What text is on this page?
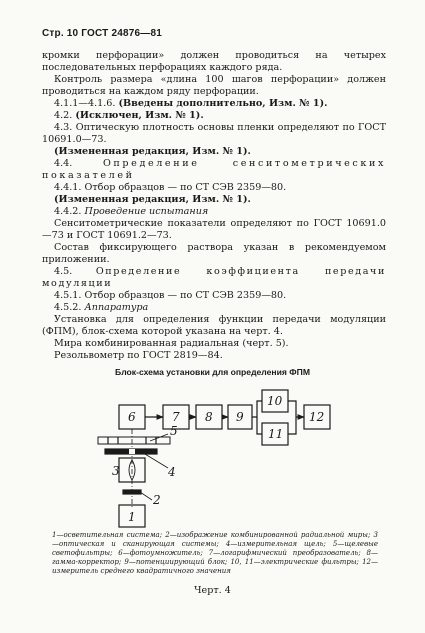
Стр. 10 ГОСТ 24876—81

кромки перфорации» должен проводиться на четырех последовательных перфорациях каждого ряда.

Контроль размера «длина 100 шагов перфорации» должен проводиться на каждом ряду перфорации.

4.1.1—4.1.6. (Введены дополнительно, Изм. № 1).

4.2. (Исключен, Изм. № 1).

4.3. Оптическую плотность основы пленки определяют по ГОСТ 10691.0—73.

(Измененная редакция, Изм. № 1).

4.4. Определение сенситометрических показателей

4.4.1. Отбор образцов — по СТ СЭВ 2359—80.

(Измененная редакция, Изм. № 1).

4.4.2. Проведение испытания

Сенситометрические показатели определяют по ГОСТ 10691.0—73 и ГОСТ 10691.2—73.

Состав фиксирующего раствора указан в рекомендуемом приложении.

4.5. Определение коэффициента передачи модуляции

4.5.1. Отбор образцов — по СТ СЭВ 2359—80.

4.5.2. Аппаратура

Установка для определения функции передачи модуляции (ФПМ), блок-схема которой указана на черт. 4.

Мира комбинированная радиальная (черт. 5).

Резольвометр по ГОСТ 2819—84.

Блок-схема установки для определения ФПМ
6	7 8 9
10
11
12
5
4
3
2
1
1—осветительная система; 2—изображение комбинированной радиальной миры; 3—оптическая и сканирующая системы; 4—измерительная щель; 5—щелевые светофильтры; 6—фотоумножитель; 7—логарифмический преобразователь; 8—гамма-корректор; 9—потенциирующий блок; 10, 11—электрические фильтры; 12—измеритель среднего квадратичного значения
Черт. 4
